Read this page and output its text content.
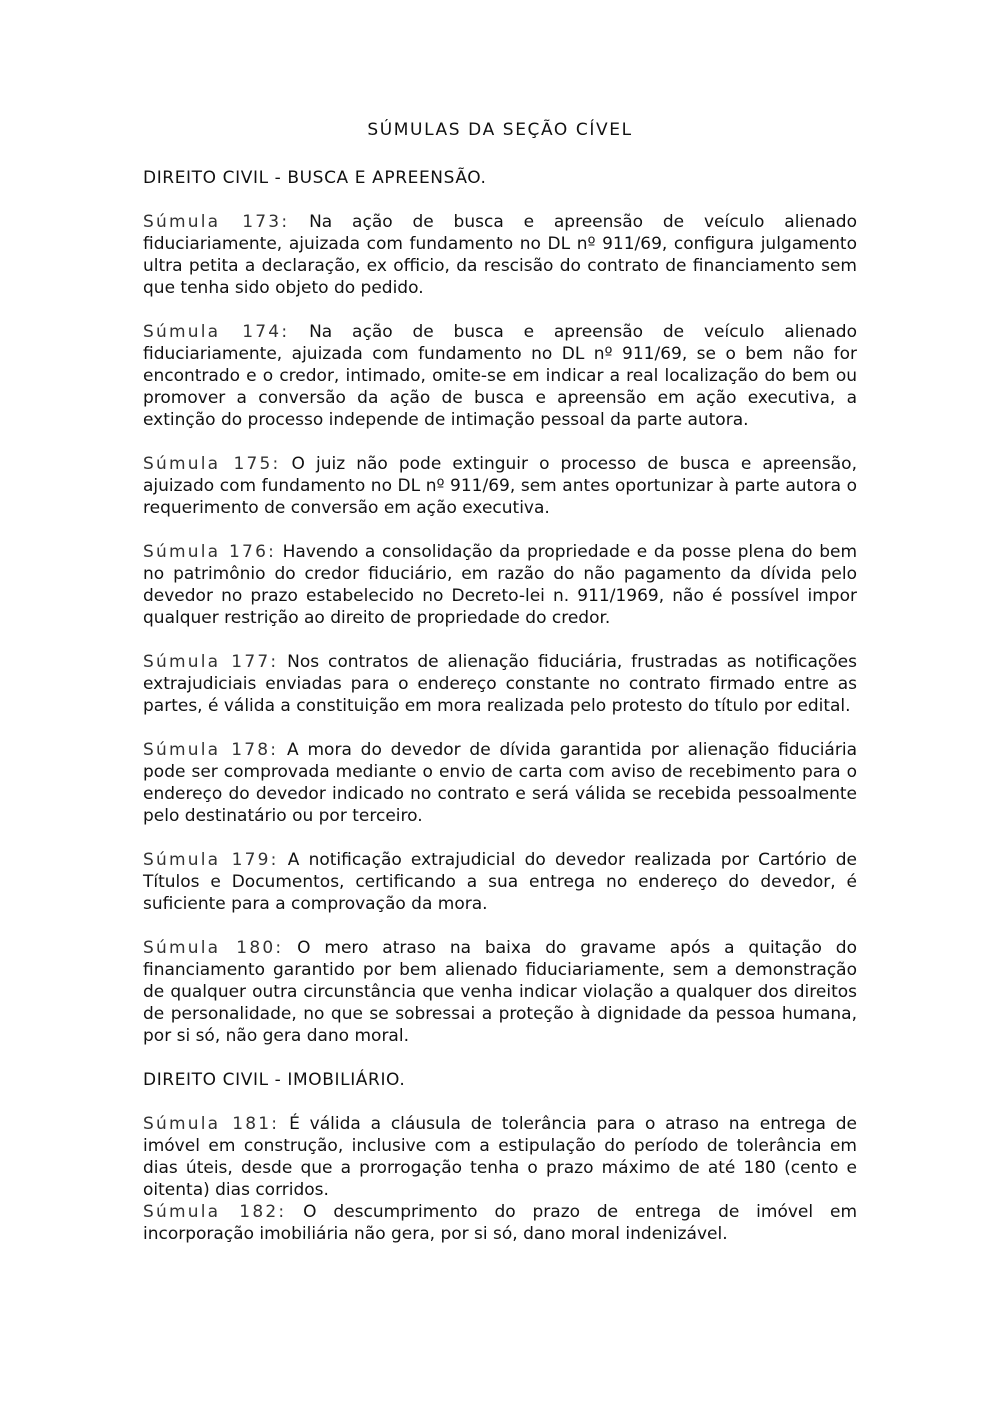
SÚMULAS DA SEÇÃO CÍVEL
DIREITO CIVIL - BUSCA E APREENSÃO.

Súmula 173: Na ação de busca e apreensão de veículo alienado fiduciariamente, ajuizada com fundamento no DL nº 911/69, configura julgamento ultra petita a declaração, ex officio, da rescisão do contrato de financiamento sem que tenha sido objeto do pedido.

Súmula 174: Na ação de busca e apreensão de veículo alienado fiduciariamente, ajuizada com fundamento no DL nº 911/69, se o bem não for encontrado e o credor, intimado, omite-se em indicar a real localização do bem ou promover a conversão da ação de busca e apreensão em ação executiva, a extinção do processo independe de intimação pessoal da parte autora.

Súmula 175: O juiz não pode extinguir o processo de busca e apreensão, ajuizado com fundamento no DL nº 911/69, sem antes oportunizar à parte autora o requerimento de conversão em ação executiva.

Súmula 176: Havendo a consolidação da propriedade e da posse plena do bem no patrimônio do credor fiduciário, em razão do não pagamento da dívida pelo devedor no prazo estabelecido no Decreto-lei n. 911/1969, não é possível impor qualquer restrição ao direito de propriedade do credor.

Súmula 177: Nos contratos de alienação fiduciária, frustradas as notificações extrajudiciais enviadas para o endereço constante no contrato firmado entre as partes, é válida a constituição em mora realizada pelo protesto do título por edital.

Súmula 178: A mora do devedor de dívida garantida por alienação fiduciária pode ser comprovada mediante o envio de carta com aviso de recebimento para o endereço do devedor indicado no contrato e será válida se recebida pessoalmente pelo destinatário ou por terceiro.

Súmula 179: A notificação extrajudicial do devedor realizada por Cartório de Títulos e Documentos, certificando a sua entrega no endereço do devedor, é suficiente para a comprovação da mora.

Súmula 180: O mero atraso na baixa do gravame após a quitação do financiamento garantido por bem alienado fiduciariamente, sem a demonstração de qualquer outra circunstância que venha indicar violação a qualquer dos direitos de personalidade, no que se sobressai a proteção à dignidade da pessoa humana, por si só, não gera dano moral.

DIREITO CIVIL - IMOBILIÁRIO.

Súmula 181: É válida a cláusula de tolerância para o atraso na entrega de imóvel em construção, inclusive com a estipulação do período de tolerância em dias úteis, desde que a prorrogação tenha o prazo máximo de até 180 (cento e oitenta) dias corridos.

Súmula 182: O descumprimento do prazo de entrega de imóvel em incorporação imobiliária não gera, por si só, dano moral indenizável.
